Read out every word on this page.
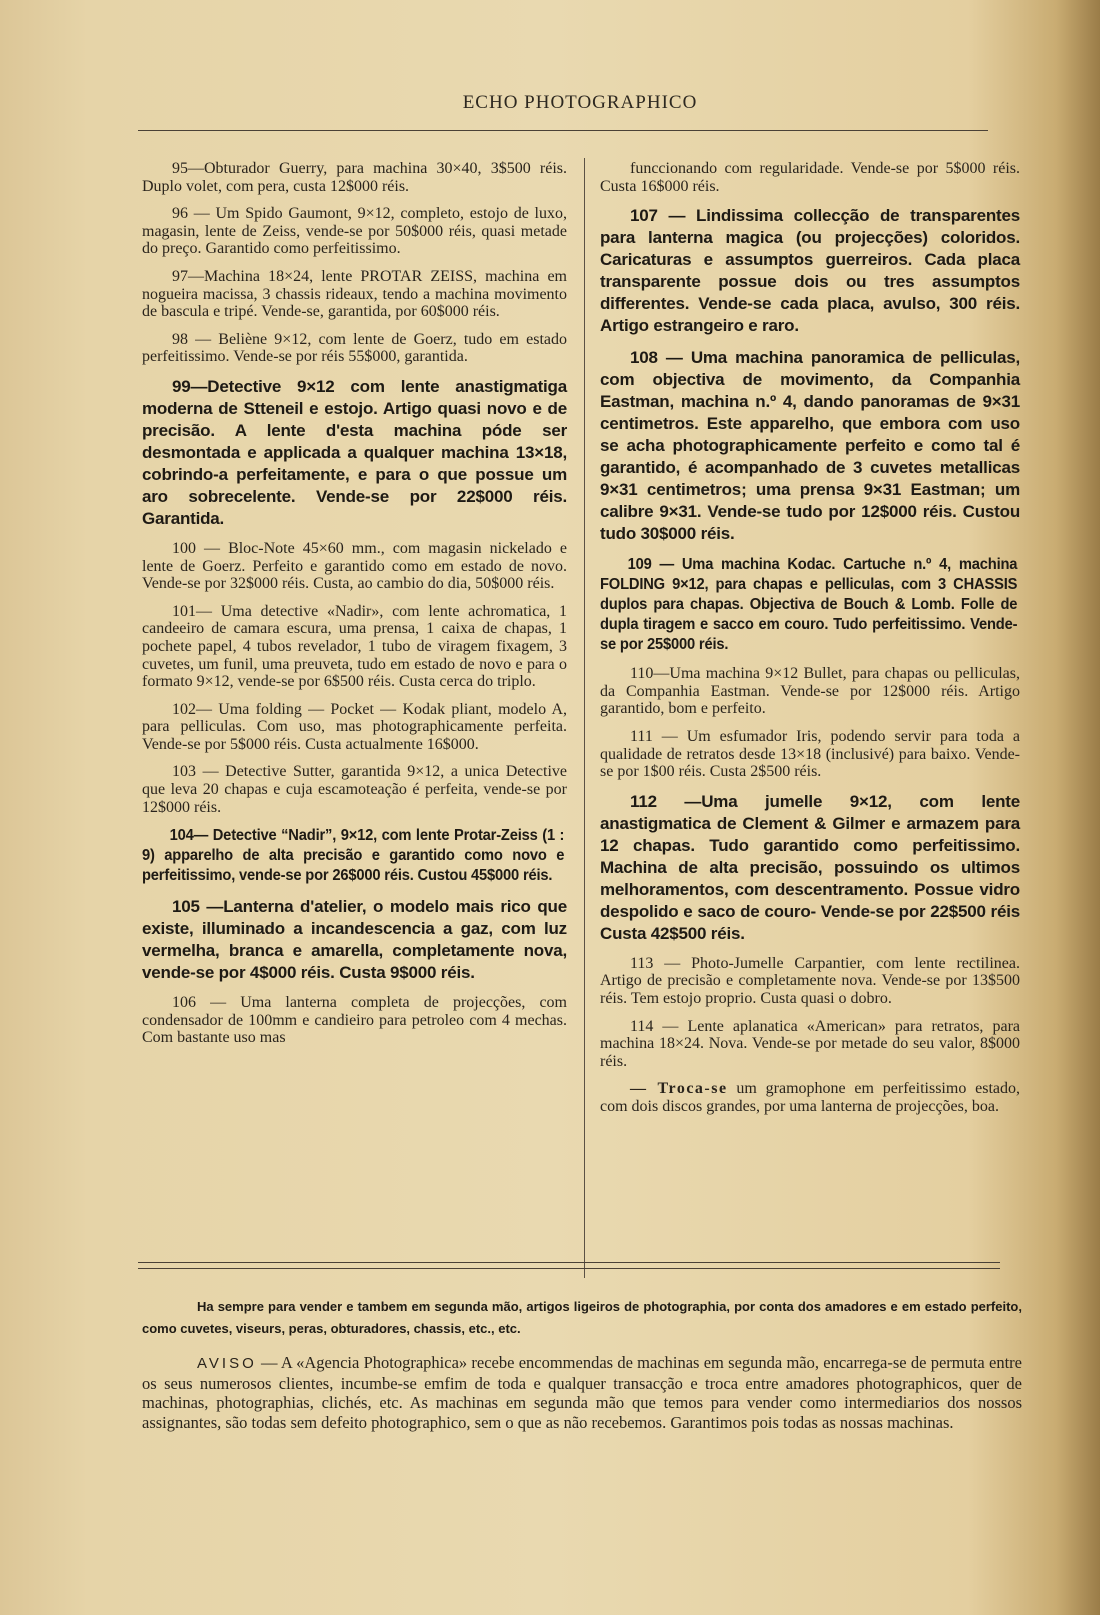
ECHO PHOTOGRAPHICO

95—Obturador Guerry, para machina 30×40, 3$500 réis. Duplo volet, com pera, custa 12$000 réis.

96 — Um Spido Gaumont, 9×12, completo, estojo de luxo, magasin, lente de Zeiss, vende-se por 50$000 réis, quasi metade do preço. Garantido como perfeitissimo.

97—Machina 18×24, lente PROTAR ZEISS, machina em nogueira macissa, 3 chassis rideaux, tendo a machina movimento de bascula e tripé. Vende-se, garantida, por 60$000 réis.

98 — Beliène 9×12, com lente de Goerz, tudo em estado perfeitissimo. Vende-se por réis 55$000, garantida.

99—Detective 9×12 com lente anastigmatiga moderna de Stteneil e estojo. Artigo quasi novo e de precisão. A lente d'esta machina póde ser desmontada e applicada a qualquer machina 13×18, cobrindo-a perfeitamente, e para o que possue um aro sobrecelente. Vende-se por 22$000 réis. Garantida.

100 — Bloc-Note 45×60 mm., com magasin nickelado e lente de Goerz. Perfeito e garantido como em estado de novo. Vende-se por 32$000 réis. Custa, ao cambio do dia, 50$000 réis.

101— Uma detective «Nadir», com lente achromatica, 1 candeeiro de camara escura, uma prensa, 1 caixa de chapas, 1 pochete papel, 4 tubos revelador, 1 tubo de viragem fixagem, 3 cuvetes, um funil, uma preuveta, tudo em estado de novo e para o formato 9×12, vende-se por 6$500 réis. Custa cerca do triplo.

102— Uma folding — Pocket — Kodak pliant, modelo A, para pelliculas. Com uso, mas photographicamente perfeita. Vende-se por 5$000 réis. Custa actualmente 16$000.

103 — Detective Sutter, garantida 9×12, a unica Detective que leva 20 chapas e cuja escamoteação é perfeita, vende-se por 12$000 réis.

104— Detective “Nadir”, 9×12, com lente Protar-Zeiss (1 : 9) apparelho de alta precisão e garantido como novo e perfeitissimo, vende-se por 26$000 réis. Custou 45$000 réis.

105 —Lanterna d'atelier, o modelo mais rico que existe, illuminado a incandescencia a gaz, com luz vermelha, branca e amarella, completamente nova, vende-se por 4$000 réis. Custa 9$000 réis.

106 — Uma lanterna completa de projecções, com condensador de 100mm e candieiro para petroleo com 4 mechas. Com bastante uso mas

funccionando com regularidade. Vende-se por 5$000 réis. Custa 16$000 réis.

107 — Lindissima collecção de transparentes para lanterna magica (ou projecções) coloridos. Caricaturas e assumptos guerreiros. Cada placa transparente possue dois ou tres assumptos differentes. Vende-se cada placa, avulso, 300 réis. Artigo estrangeiro e raro.

108 — Uma machina panoramica de pelliculas, com objectiva de movimento, da Companhia Eastman, machina n.º 4, dando panoramas de 9×31 centimetros. Este apparelho, que embora com uso se acha photographicamente perfeito e como tal é garantido, é acompanhado de 3 cuvetes metallicas 9×31 centimetros; uma prensa 9×31 Eastman; um calibre 9×31. Vende-se tudo por 12$000 réis. Custou tudo 30$000 réis.

109 — Uma machina Kodac. Cartuche n.º 4, machina FOLDING 9×12, para chapas e pelliculas, com 3 CHASSIS duplos para chapas. Objectiva de Bouch & Lomb. Folle de dupla tiragem e sacco em couro. Tudo perfeitissimo. Vende-se por 25$000 réis.

110—Uma machina 9×12 Bullet, para chapas ou pelliculas, da Companhia Eastman. Vende-se por 12$000 réis. Artigo garantido, bom e perfeito.

111 — Um esfumador Iris, podendo servir para toda a qualidade de retratos desde 13×18 (inclusivé) para baixo. Vende-se por 1$00 réis. Custa 2$500 réis.

112 —Uma jumelle 9×12, com lente anastigmatica de Clement & Gilmer e armazem para 12 chapas. Tudo garantido como perfeitissimo. Machina de alta precisão, possuindo os ultimos melhoramentos, com descentramento. Possue vidro despolido e saco de couro- Vende-se por 22$500 réis Custa 42$500 réis.

113 — Photo-Jumelle Carpantier, com lente rectilinea. Artigo de precisão e completamente nova. Vende-se por 13$500 réis. Tem estojo proprio. Custa quasi o dobro.

114 — Lente aplanatica «American» para retratos, para machina 18×24. Nova. Vende-se por metade do seu valor, 8$000 réis.

— Troca-se um gramophone em perfeitissimo estado, com dois discos grandes, por uma lanterna de projecções, boa.

Ha sempre para vender e tambem em segunda mão, artigos ligeiros de photographia, por conta dos amadores e em estado perfeito, como cuvetes, viseurs, peras, obturadores, chassis, etc., etc.
AVISO — A «Agencia Photographica» recebe encommendas de machinas em segunda mão, encarrega-se de permuta entre os seus numerosos clientes, incumbe-se emfim de toda e qualquer transacção e troca entre amadores photographicos, quer de machinas, photographias, clichés, etc. As machinas em segunda mão que temos para vender como intermediarios dos nossos assignantes, são todas sem defeito photographico, sem o que as não recebemos. Garantimos pois todas as nossas machinas.
